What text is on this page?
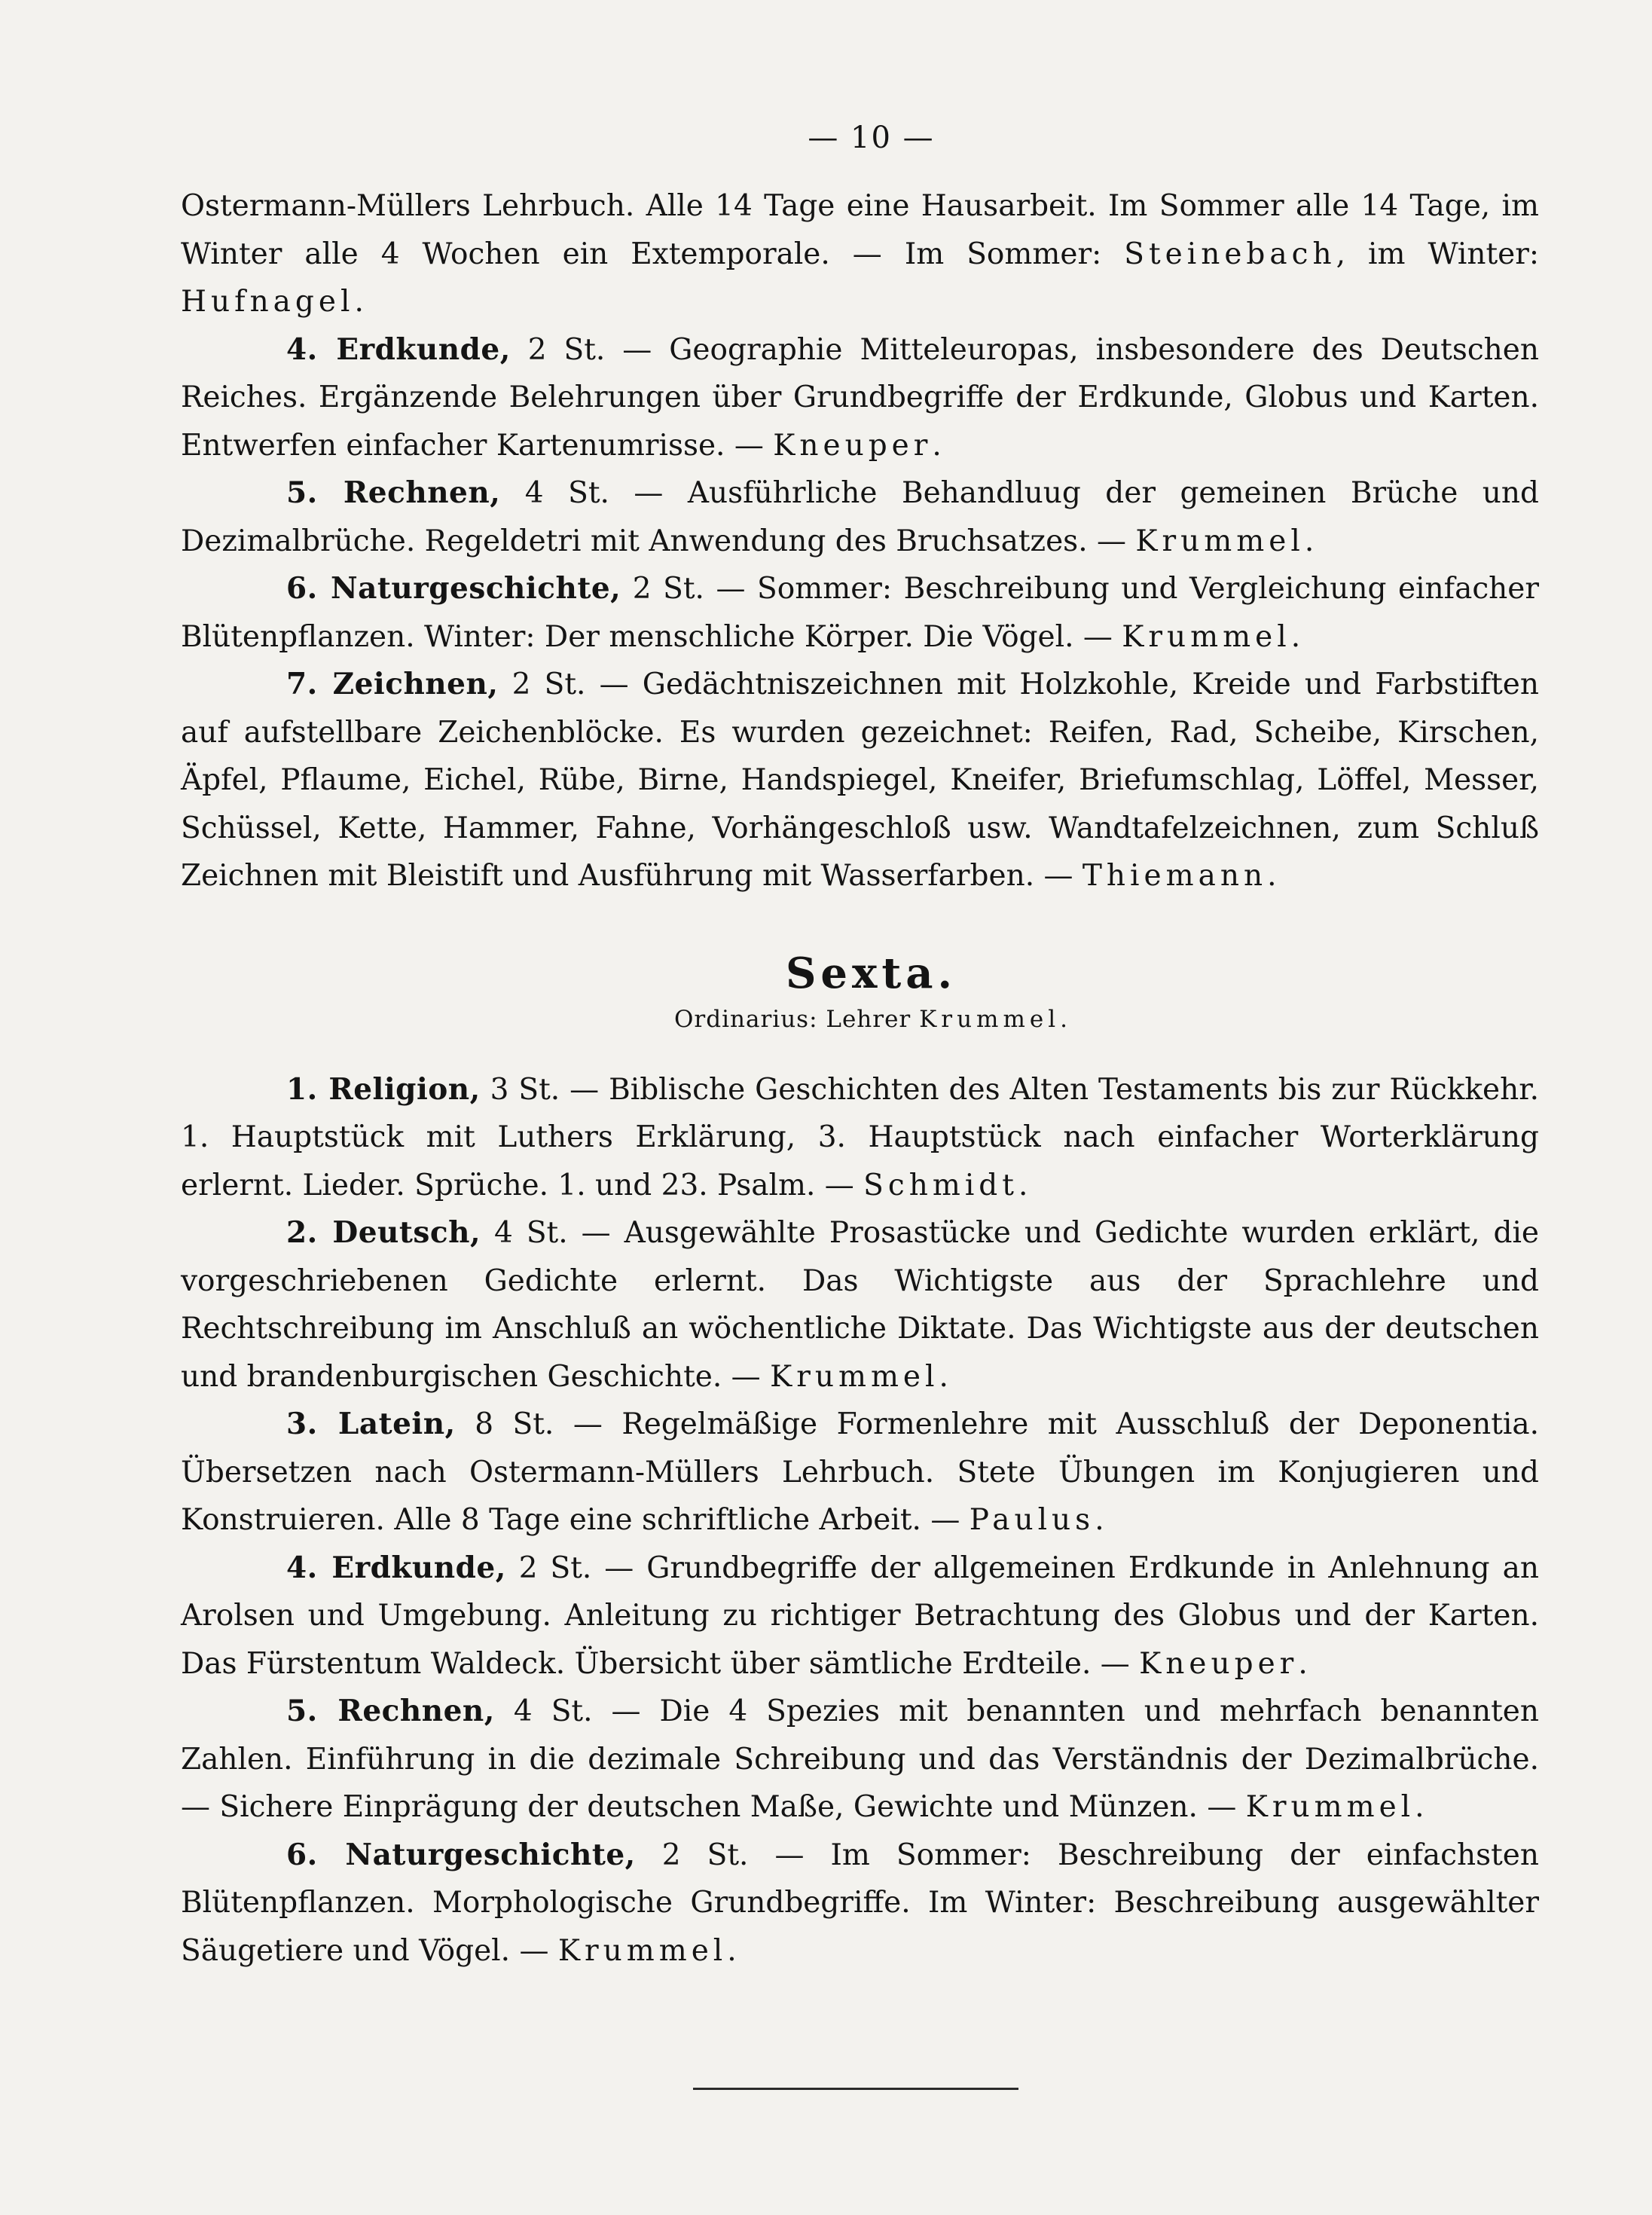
— 10 —

Ostermann-Müllers Lehrbuch. Alle 14 Tage eine Hausarbeit. Im Sommer alle 14 Tage, im Winter alle 4 Wochen ein Extemporale. — Im Sommer: Steinebach, im Winter: Hufnagel.

4. Erdkunde, 2 St. — Geographie Mitteleuropas, insbesondere des Deutschen Reiches. Ergänzende Belehrungen über Grundbegriffe der Erdkunde, Globus und Karten. Entwerfen einfacher Kartenumrisse. — Kneuper.

5. Rechnen, 4 St. — Ausführliche Behandluug der gemeinen Brüche und Dezimalbrüche. Regeldetri mit Anwendung des Bruchsatzes. — Krummel.

6. Naturgeschichte, 2 St. — Sommer: Beschreibung und Vergleichung einfacher Blütenpflanzen. Winter: Der menschliche Körper. Die Vögel. — Krummel.

7. Zeichnen, 2 St. — Gedächtniszeichnen mit Holzkohle, Kreide und Farbstiften auf aufstellbare Zeichenblöcke. Es wurden gezeichnet: Reifen, Rad, Scheibe, Kirschen, Äpfel, Pflaume, Eichel, Rübe, Birne, Handspiegel, Kneifer, Briefumschlag, Löffel, Messer, Schüssel, Kette, Hammer, Fahne, Vorhängeschloß usw. Wandtafelzeichnen, zum Schluß Zeichnen mit Bleistift und Ausführung mit Wasserfarben. — Thiemann.

Sexta.
Ordinarius: Lehrer Krummel.

1. Religion, 3 St. — Biblische Geschichten des Alten Testaments bis zur Rückkehr. 1. Hauptstück mit Luthers Erklärung, 3. Hauptstück nach einfacher Worterklärung erlernt. Lieder. Sprüche. 1. und 23. Psalm. — Schmidt.

2. Deutsch, 4 St. — Ausgewählte Prosastücke und Gedichte wurden erklärt, die vorgeschriebenen Gedichte erlernt. Das Wichtigste aus der Sprachlehre und Rechtschreibung im Anschluß an wöchentliche Diktate. Das Wichtigste aus der deutschen und brandenburgischen Geschichte. — Krummel.

3. Latein, 8 St. — Regelmäßige Formenlehre mit Ausschluß der Deponentia. Übersetzen nach Ostermann-Müllers Lehrbuch. Stete Übungen im Konjugieren und Konstruieren. Alle 8 Tage eine schriftliche Arbeit. — Paulus.

4. Erdkunde, 2 St. — Grundbegriffe der allgemeinen Erdkunde in Anlehnung an Arolsen und Umgebung. Anleitung zu richtiger Betrachtung des Globus und der Karten. Das Fürstentum Waldeck. Übersicht über sämtliche Erdteile. — Kneuper.

5. Rechnen, 4 St. — Die 4 Spezies mit benannten und mehrfach benannten Zahlen. Einführung in die dezimale Schreibung und das Verständnis der Dezimalbrüche. — Sichere Einprägung der deutschen Maße, Gewichte und Münzen. — Krummel.

6. Naturgeschichte, 2 St. — Im Sommer: Beschreibung der einfachsten Blütenpflanzen. Morphologische Grundbegriffe. Im Winter: Beschreibung ausgewählter Säugetiere und Vögel. — Krummel.
